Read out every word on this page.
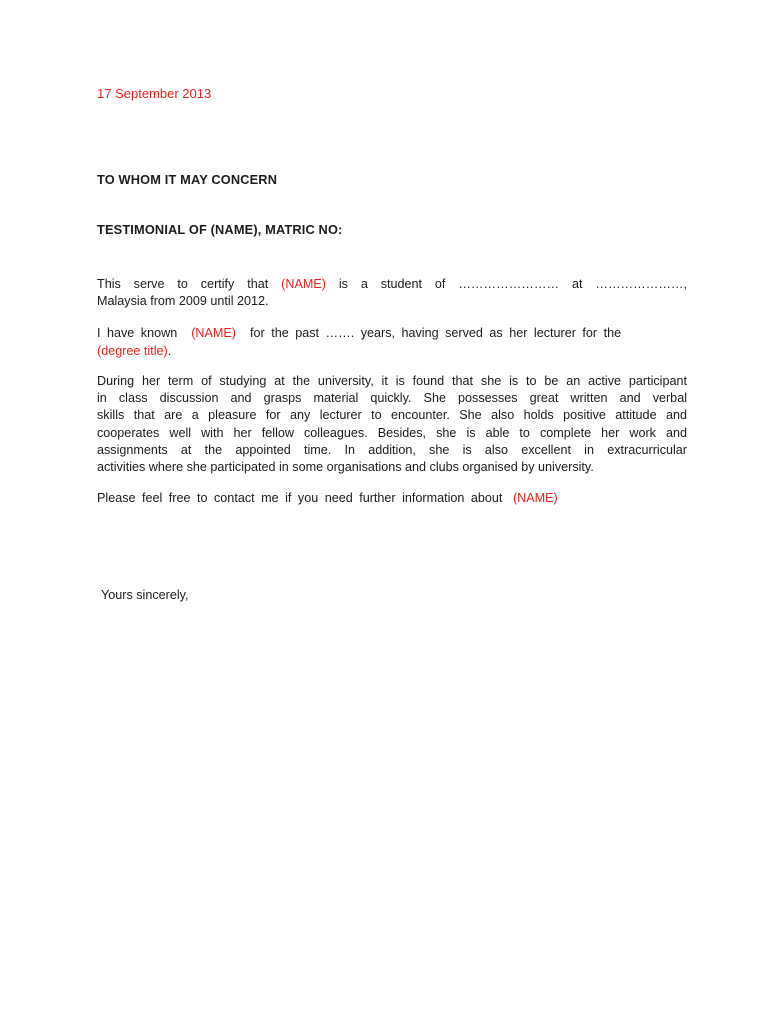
17 September 2013
TO WHOM IT MAY CONCERN
TESTIMONIAL OF (NAME), MATRIC NO:
This serve to certify that (NAME) is a student of …………………… at …………………,
Malaysia from 2009 until 2012.
I have known (NAME) for the past ……. years, having served as her lecturer for the
(degree title).
During her term of studying at the university, it is found that she is to be an active participant
in class discussion and grasps material quickly. She possesses great written and verbal
skills that are a pleasure for any lecturer to encounter. She also holds positive attitude and
cooperates well with her fellow colleagues. Besides, she is able to complete her work and
assignments at the appointed time. In addition, she is also excellent in extracurricular
activities where she participated in some organisations and clubs organised by university.
Please feel free to contact me if you need further information about (NAME)
Yours sincerely,
